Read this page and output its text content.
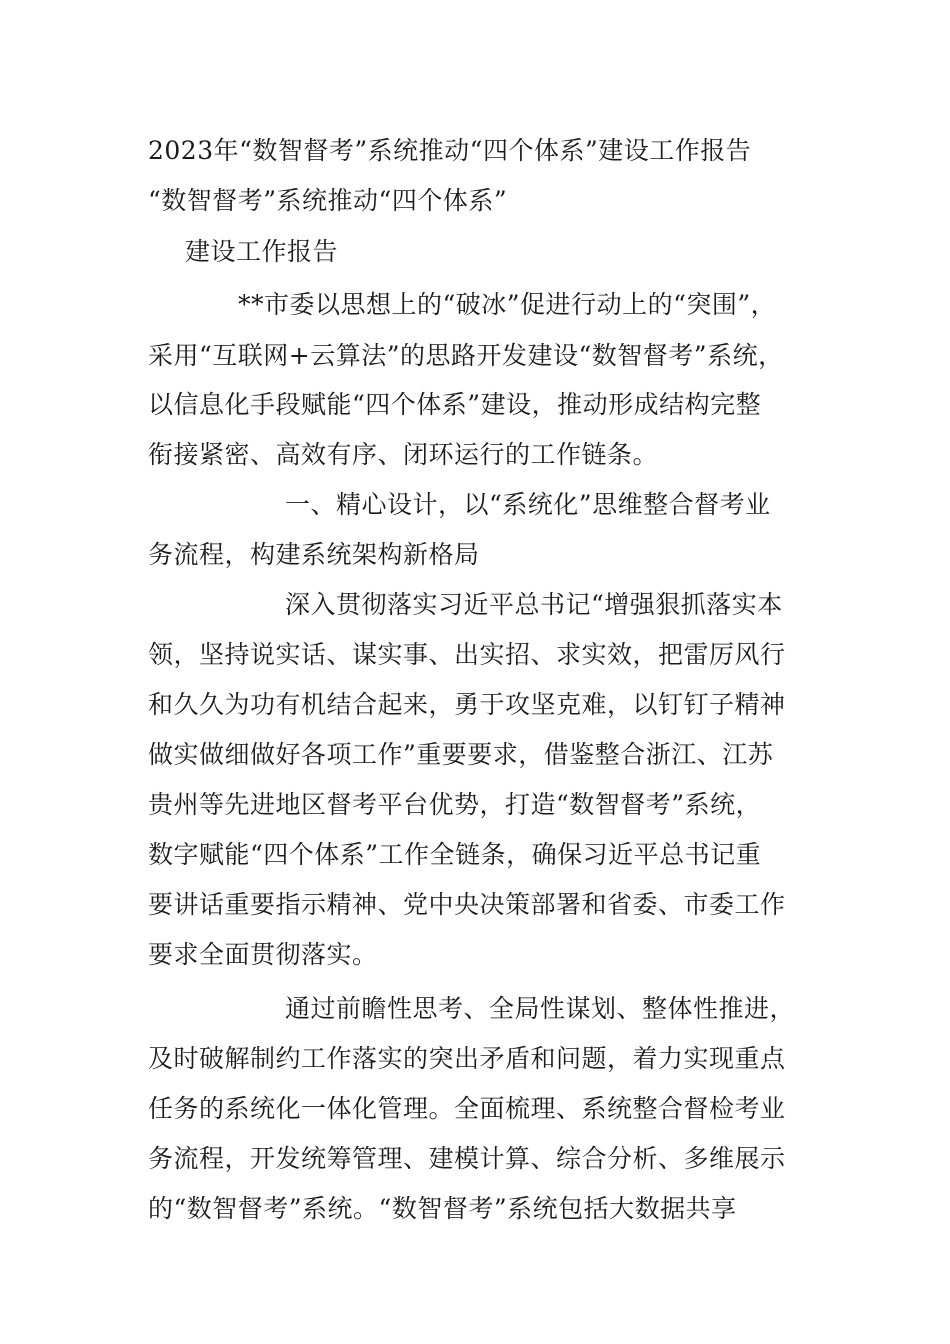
2023年“数智督考”系统推动“四个体系”建设工作报告
“数智督考”系统推动“四个体系”
建设工作报告
**市委以思想上的“破冰”促进行动上的“突围”，
采用“互联网+云算法”的思路开发建设“数智督考”系统，
以信息化手段赋能“四个体系”建设，推动形成结构完整
衔接紧密、高效有序、闭环运行的工作链条。
一、精心设计，以“系统化”思维整合督考业
务流程，构建系统架构新格局
深入贯彻落实习近平总书记“增强狠抓落实本
领，坚持说实话、谋实事、出实招、求实效，把雷厉风行
和久久为功有机结合起来，勇于攻坚克难，以钉钉子精神
做实做细做好各项工作”重要要求，借鉴整合浙江、江苏
贵州等先进地区督考平台优势，打造“数智督考”系统，
数字赋能“四个体系”工作全链条，确保习近平总书记重
要讲话重要指示精神、党中央决策部署和省委、市委工作
要求全面贯彻落实。
通过前瞻性思考、全局性谋划、整体性推进，
及时破解制约工作落实的突出矛盾和问题，着力实现重点
任务的系统化一体化管理。全面梳理、系统整合督检考业
务流程，开发统筹管理、建模计算、综合分析、多维展示
的“数智督考”系统。“数智督考”系统包括大数据共享
